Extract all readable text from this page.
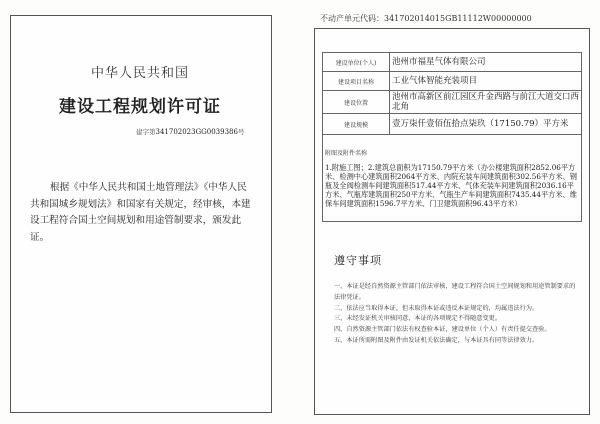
不动产单元代码：341702014015GB11112W00000000
中华人民共和国
建设工程规划许可证
建字第341702023GG0039386号
根据《中华人民共和国土地管理法》《中华人民共和国城乡规划法》和国家有关规定，经审核，本建设工程符合国土空间规划和用途管制要求，颁发此证。
建设单位(个人)	池州市福星气体有限公司
建设项目名称	工业气体智能充装项目
建设位置	池州市高新区前江园区升金西路与前江大道交口西北角
建设规模	壹万柒仟壹佰伍拾点柒玖（17150.79）平方米

附图及附件名称
1.附施工图；2.建筑总面积为17150.79平方米（办公楼建筑面积2852.06平方米、检测中心建筑面积2064平方米、内院充装车间建筑面积302.56平方米、钢瓶及全阀检测车间建筑面积517.44平方米、气体充装车间建筑面积2036.16平方米、气瓶库建筑面积250平方米、气瓶生产车间建筑面积7435.44平方米、维保车间建筑面积1596.7平方米、门卫建筑面积96.43平方米）	
遵守事项

一、本证是经自然资源主管部门依法审核，建设工程符合国土空间规划和用途管制要求的法律凭证。

二、依法应当取得本证，但未取得本证或违反本证规定的，均属违法行为。

三、未经发证机关审核同意，本证的各项规定不得随意变更。

四、自然资源主管部门依法有权查验本证，建设单位（个人）有责任提交查验。

五、本证所需附图及附件由发证机关依法确定，与本证具有同等法律效力。
